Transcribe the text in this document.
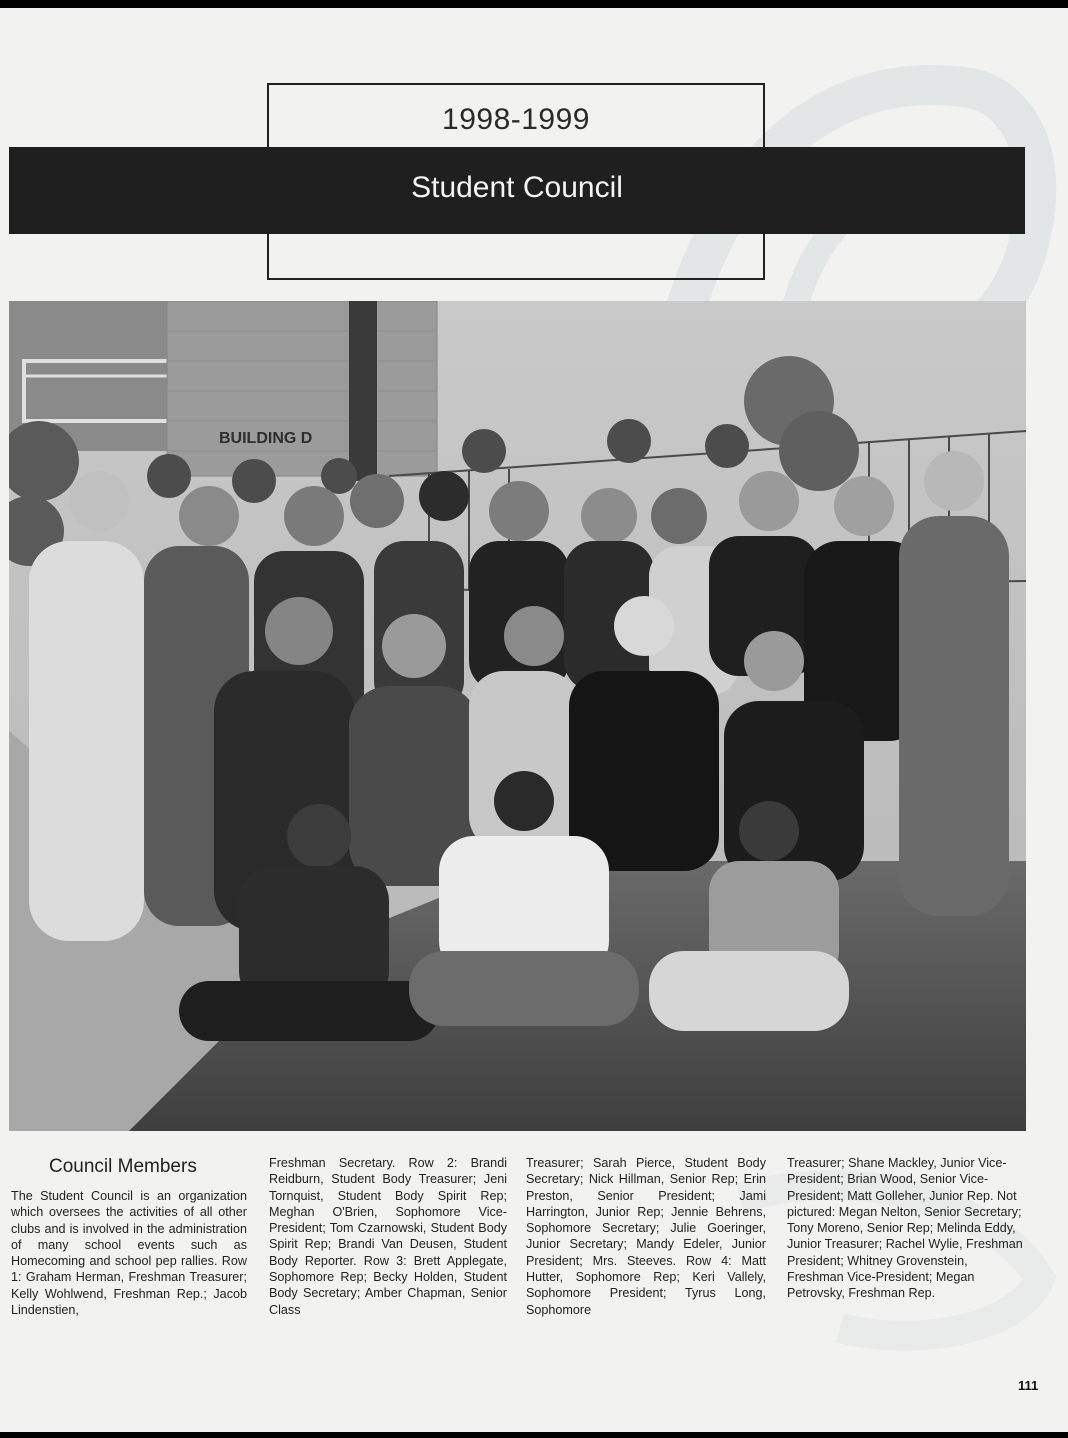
1998-1999
Student Council
BUILDING D
Council Members

The Student Council is an organization which oversees the activities of all other clubs and is involved in the administration of many school events such as Homecoming and school pep rallies. Row 1: Graham Herman, Freshman Treasurer; Kelly Wohlwend, Freshman Rep.; Jacob Lindenstien,

Freshman Secretary. Row 2: Brandi Reidburn, Student Body Treasurer; Jeni Tornquist, Student Body Spirit Rep; Meghan O'Brien, Sophomore Vice-President; Tom Czarnowski, Student Body Spirit Rep; Brandi Van Deusen, Student Body Reporter. Row 3: Brett Applegate, Sophomore Rep; Becky Holden, Student Body Secretary; Amber Chapman, Senior Class

Treasurer; Sarah Pierce, Student Body Secretary; Nick Hillman, Senior Rep; Erin Preston, Senior President; Jami Harrington, Junior Rep; Jennie Behrens, Sophomore Secretary; Julie Goeringer, Junior Secretary; Mandy Edeler, Junior President; Mrs. Steeves. Row 4: Matt Hutter, Sophomore Rep; Keri Vallely, Sophomore President; Tyrus Long, Sophomore

Treasurer; Shane Mackley, Junior Vice-President; Brian Wood, Senior Vice-President; Matt Golleher, Junior Rep. Not pictured: Megan Nelton, Senior Secretary; Tony Moreno, Senior Rep; Melinda Eddy, Junior Treasurer; Rachel Wylie, Freshman President; Whitney Grovenstein, Freshman Vice-President; Megan Petrovsky, Freshman Rep.

111
